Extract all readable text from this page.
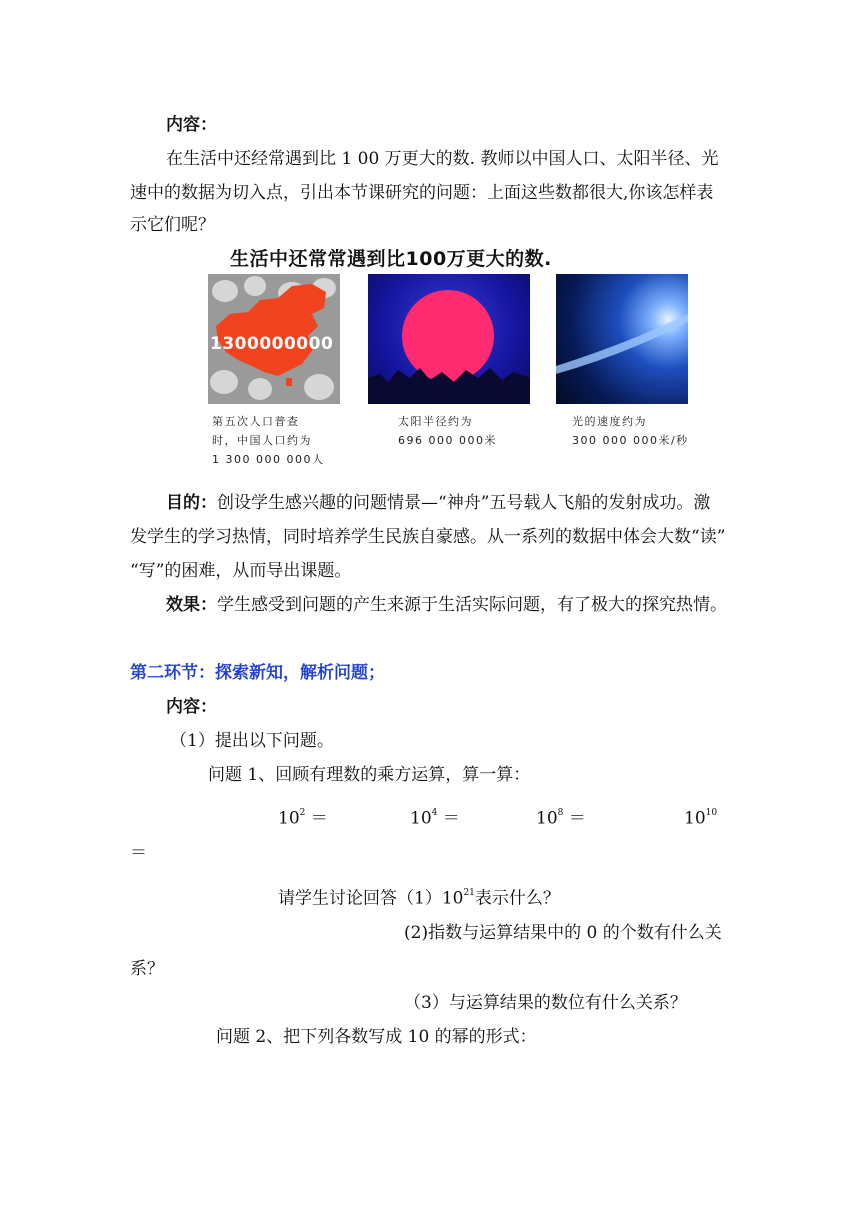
内容：
在生活中还经常遇到比 1 00 万更大的数. 教师以中国人口、太阳半径、光
速中的数据为切入点，引出本节课研究的问题：上面这些数都很大,你该怎样表
示它们呢？
生活中还常常遇到比100万更大的数.
1300000000
第五次人口普查
时，中国人口约为
1 300 000 000人
太阳半径约为
696 000 000米
光的速度约为
300 000 000米/秒
目的：创设学生感兴趣的问题情景—“神舟”五号载人飞船的发射成功。激
发学生的学习热情，同时培养学生民族自豪感。从一系列的数据中体会大数“读”
“写”的困难，从而导出课题。
效果：学生感受到问题的产生来源于生活实际问题，有了极大的探究热情。
第二环节：探索新知，解析问题；
内容：
（1）提出以下问题。
问题 1、回顾有理数的乘方运算，算一算：
$10^2$ ＝	$10^4$ ＝	$10^8$ ＝	$10^{10}$
＝
请学生讨论回答$(1)10^{21}$表示什么？
(2)指数与运算结果中的 0 的个数有什么关
系？
（3）与运算结果的数位有什么关系？
问题 2、把下列各数写成 10 的幂的形式：
